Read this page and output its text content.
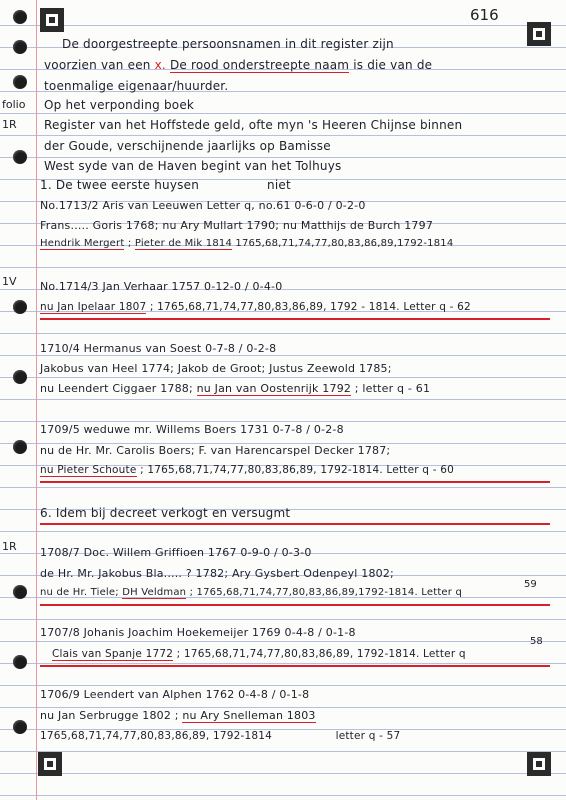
616
De doorgestreepte persoonsnamen in dit register zijn
voorzien van een x. De rood onderstreepte naam is die van de
toenmalige eigenaar/huurder.
folio Op het verponding boek
1R Register van het Hoffstede geld, ofte myn 's Heeren Chijnse binnen
der Goude, verschijnende jaarlijks op Bamisse
West syde van de Haven begint van het Tolhuys
1. De twee eerste huysen	niet
No.1713/2 Aris van Leeuwen Letter q, no.61 0-6-0 / 0-2-0
Frans..... Goris 1768; nu Ary Mullart 1790; nu Matthijs de Burch 1797
Hendrik Mergert ; Pieter de Mik 1814 1765,68,71,74,77,80,83,86,89,1792-1814
1V No.1714/3 Jan Verhaar 1757 0-12-0 / 0-4-0
nu Jan Ipelaar 1807 ; 1765,68,71,74,77,80,83,86,89, 1792 - 1814. Letter q - 62
1710/4 Hermanus van Soest 0-7-8 / 0-2-8
Jakobus van Heel 1774; Jakob de Groot; Justus Zeewold 1785;
nu Leendert Ciggaer 1788; nu Jan van Oostenrijk 1792 ; letter q - 61
1709/5 weduwe mr. Willems Boers 1731 0-7-8 / 0-2-8
nu de Hr. Mr. Carolis Boers; F. van Harencarspel Decker 1787;
nu Pieter Schoute ; 1765,68,71,74,77,80,83,86,89, 1792-1814. Letter q - 60
6. Idem bij decreet verkogt en versugmt
1R 1708/7 Doc. Willem Griffioen 1767 0-9-0 / 0-3-0
de Hr. Mr. Jakobus Bla..... ? 1782; Ary Gysbert Odenpeyl 1802;
59
nu de Hr. Tiele; DH Veldman ; 1765,68,71,74,77,80,83,86,89,1792-1814. Letter q
1707/8 Johanis Joachim Hoekemeijer 1769 0-4-8 / 0-1-8
58
Clais van Spanje 1772 ; 1765,68,71,74,77,80,83,86,89, 1792-1814. Letter q
1706/9 Leendert van Alphen 1762 0-4-8 / 0-1-8
nu Jan Serbrugge 1802 ; nu Ary Snelleman 1803
1765,68,71,74,77,80,83,86,89, 1792-1814	letter q - 57
